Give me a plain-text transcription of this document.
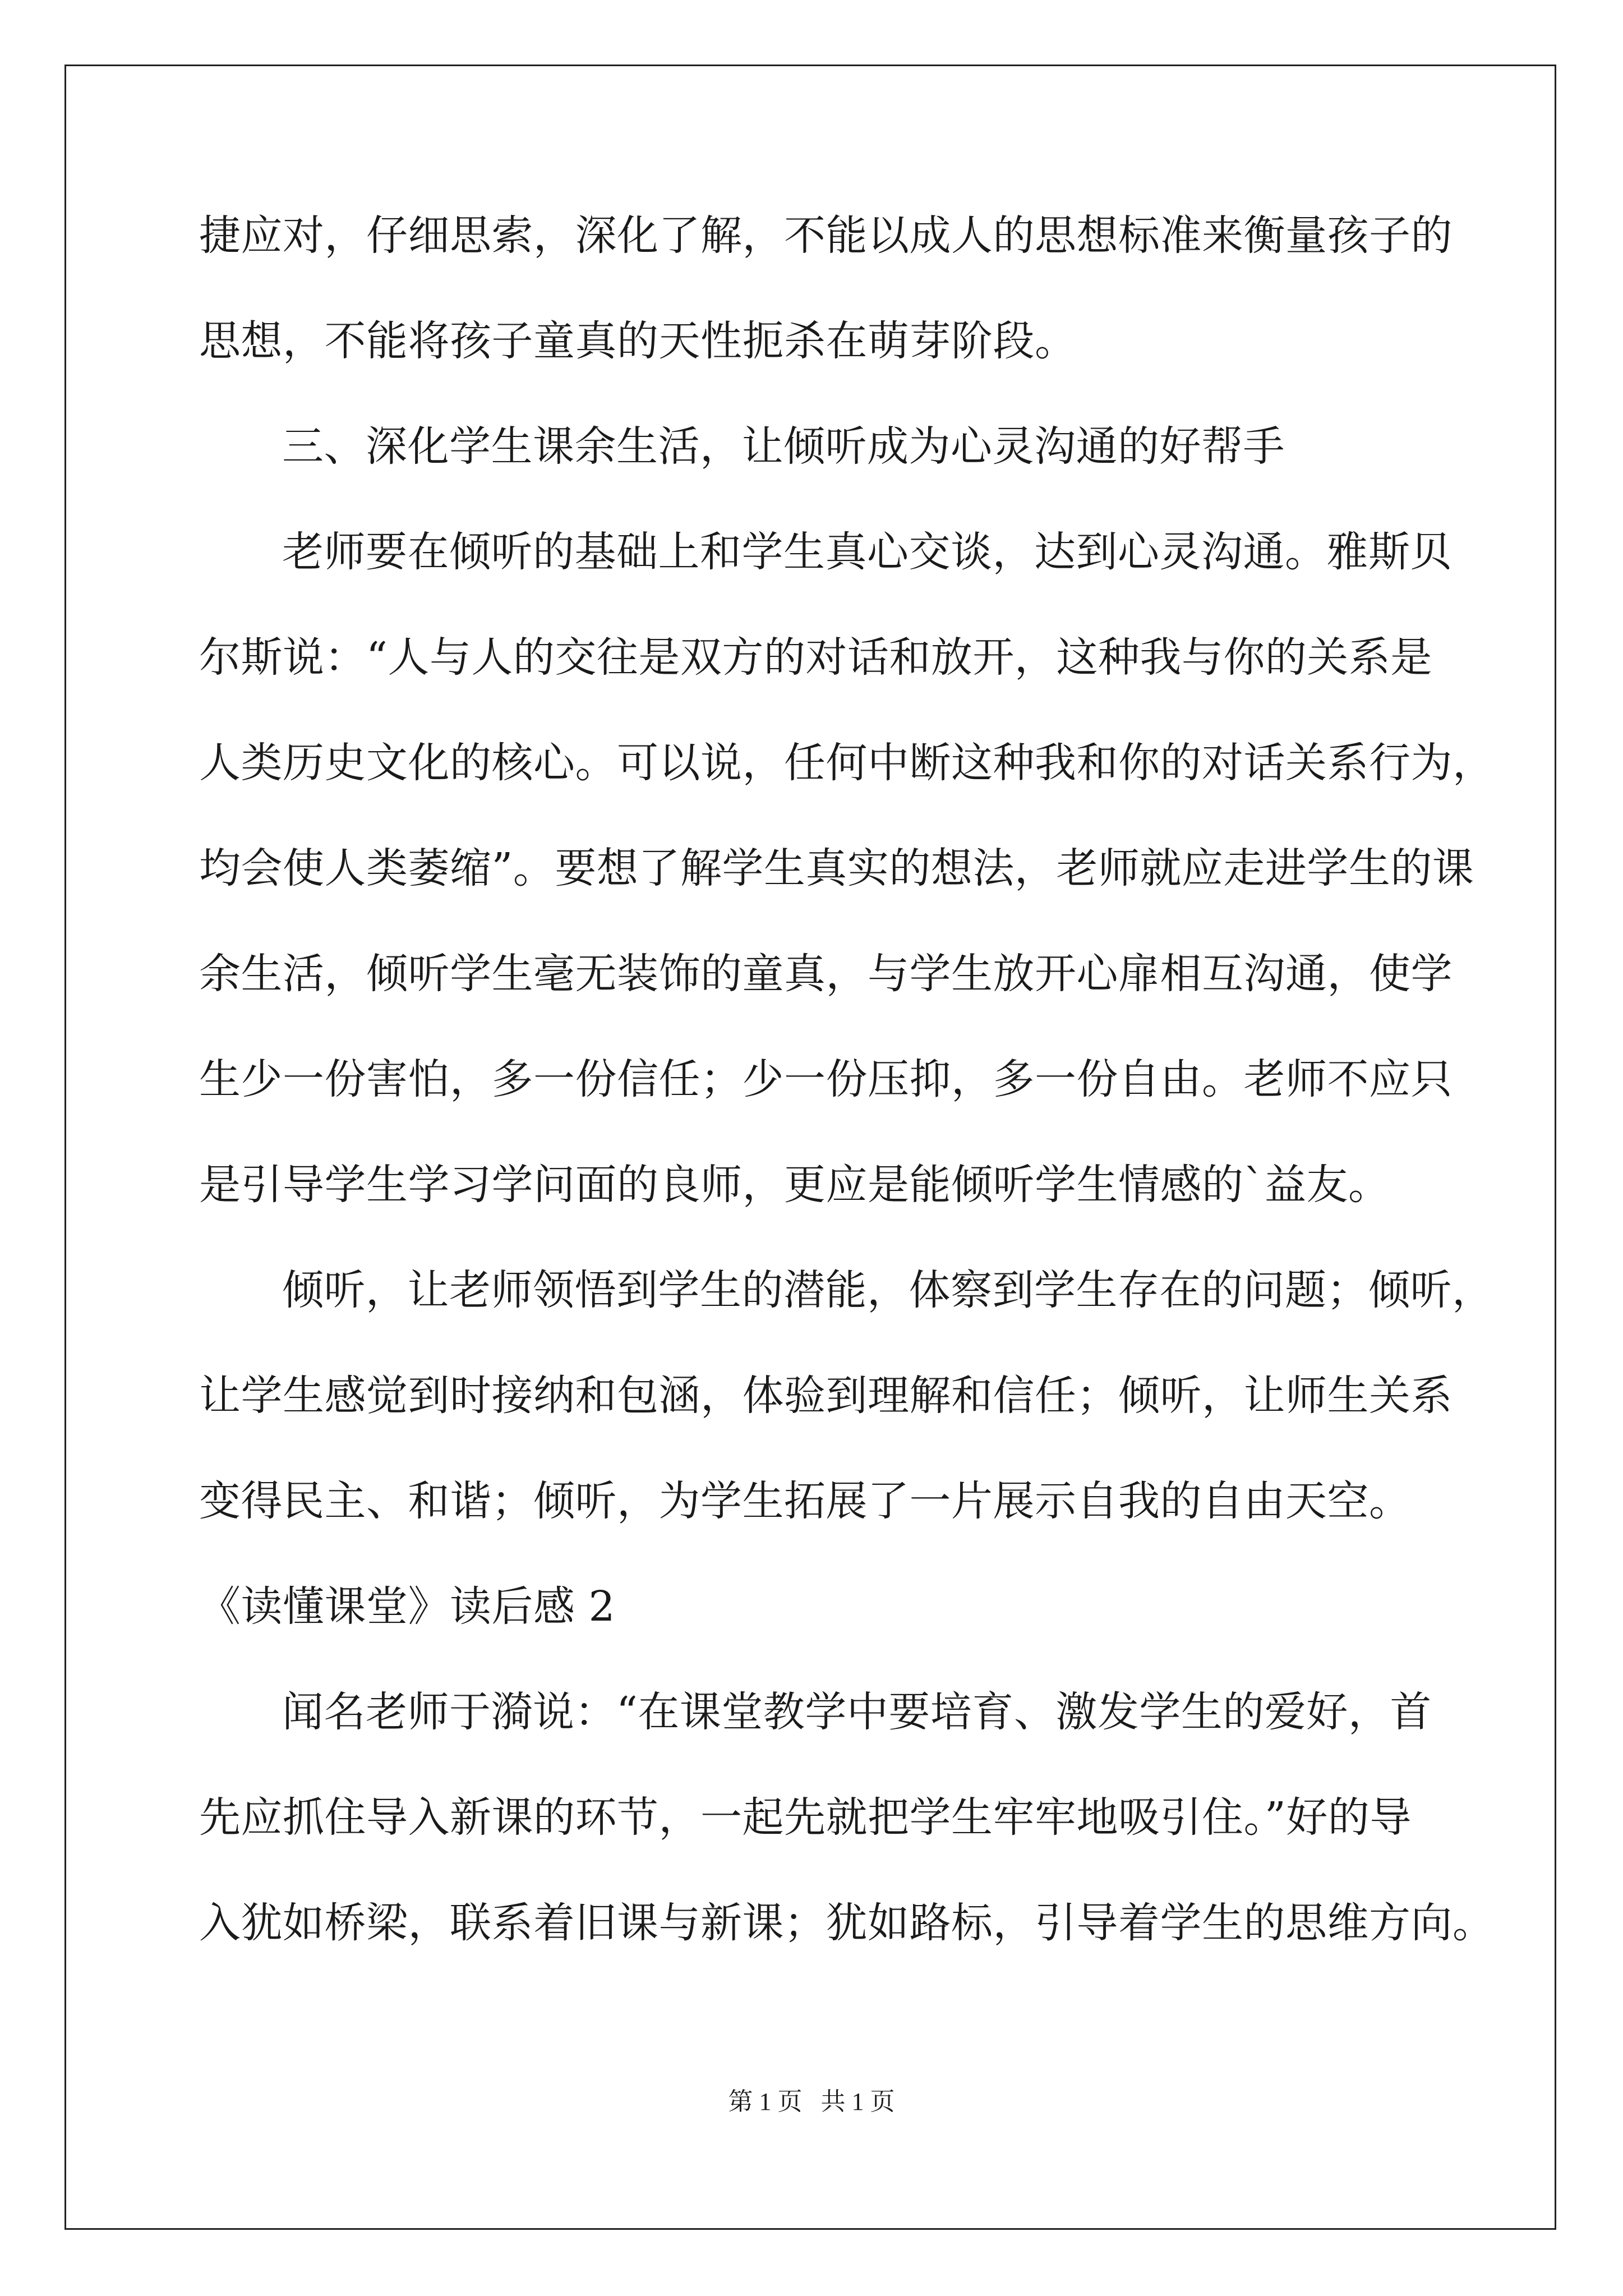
捷应对，仔细思索，深化了解，不能以成人的思想标准来衡量孩子的
思想，不能将孩子童真的天性扼杀在萌芽阶段。
三、深化学生课余生活，让倾听成为心灵沟通的好帮手
老师要在倾听的基础上和学生真心交谈，达到心灵沟通。雅斯贝
尔斯说：“人与人的交往是双方的对话和放开，这种我与你的关系是
人类历史文化的核心。可以说，任何中断这种我和你的对话关系行为，
均会使人类萎缩”。要想了解学生真实的想法，老师就应走进学生的课
余生活，倾听学生毫无装饰的童真，与学生放开心扉相互沟通，使学
生少一份害怕，多一份信任；少一份压抑，多一份自由。老师不应只
是引导学生学习学问面的良师，更应是能倾听学生情感的`益友。
倾听，让老师领悟到学生的潜能，体察到学生存在的问题；倾听，
让学生感觉到时接纳和包涵，体验到理解和信任；倾听，让师生关系
变得民主、和谐；倾听，为学生拓展了一片展示自我的自由天空。
《读懂课堂》读后感 2
闻名老师于漪说：“在课堂教学中要培育、激发学生的爱好，首
先应抓住导入新课的环节，一起先就把学生牢牢地吸引住。”好的导
入犹如桥梁，联系着旧课与新课；犹如路标，引导着学生的思维方向。
第 1 页   共 1 页
